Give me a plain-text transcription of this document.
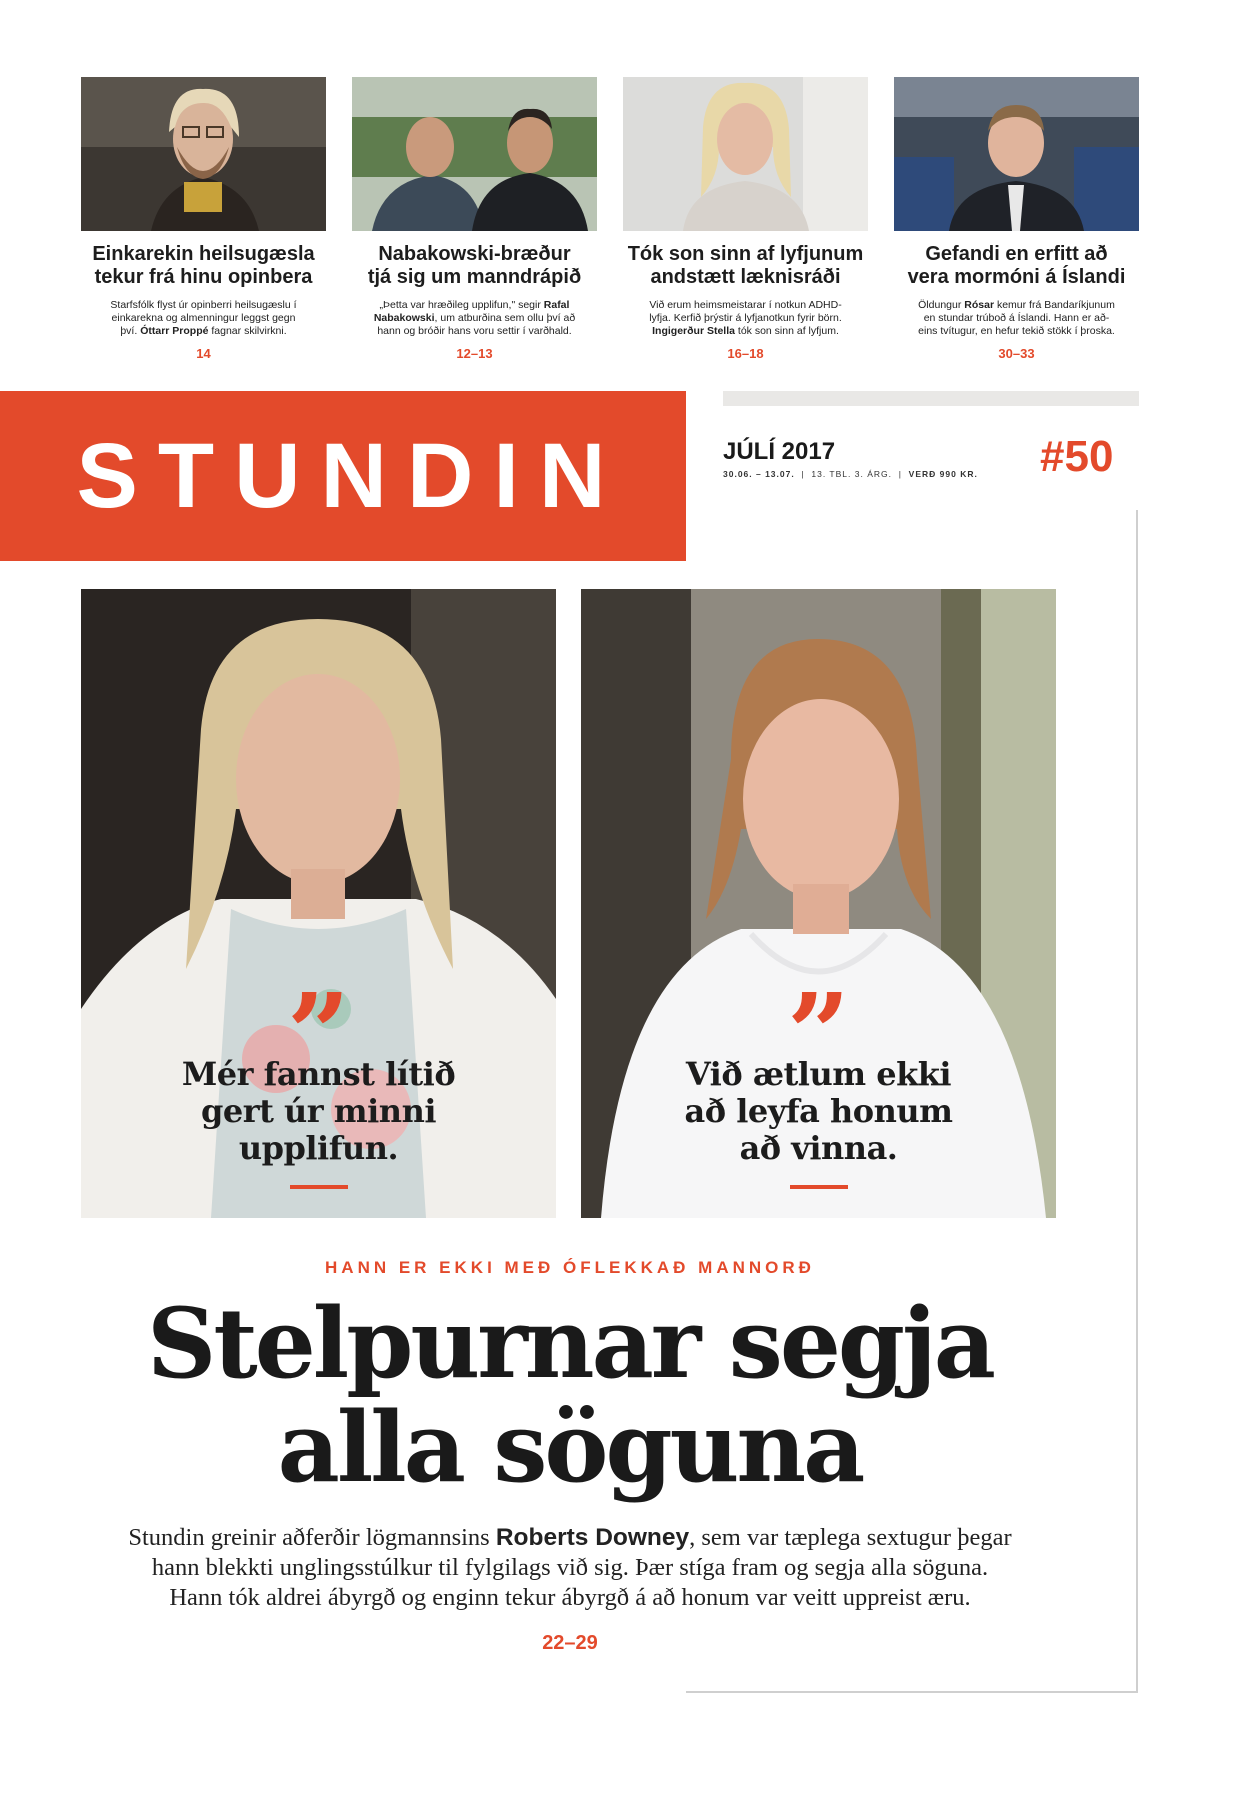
Einkarekin heilsugæsla
tekur frá hinu opinbera

Starfsfólk flyst úr opinberri heilsugæslu í
einkarekna og almenningur leggst gegn
því. Óttarr Proppé fagnar skilvirkni.

14
Nabakowski-bræður
tjá sig um manndrápið

„Þetta var hræðileg upplifun," segir Rafal
Nabakowski, um atburðina sem ollu því að
hann og bróðir hans voru settir í varðhald.

12–13
Tók son sinn af lyfjunum
andstætt læknisráði

Við erum heimsmeistarar í notkun ADHD-
lyfja. Kerfið þrýstir á lyfjanotkun fyrir börn.
Ingigerður Stella tók son sinn af lyfjum.

16–18
Gefandi en erfitt að
vera mormóni á Íslandi

Öldungur Rósar kemur frá Bandaríkjunum
en stundar trúboð á Íslandi. Hann er að-
eins tvítugur, en hefur tekið stökk í þroska.

30–33
STUNDIN	JÚLÍ 2017
30.06. – 13.07. | 13. TBL. 3. ÁRG. | VERÐ 990 KR. #50
”
Mér fannst lítið
gert úr minni
upplifun.
”
Við ætlum ekki
að leyfa honum
að vinna.
HANN ER EKKI MEÐ ÓFLEKKAÐ MANNORÐ
Stelpurnar segja
alla söguna
Stundin greinir aðferðir lögmannsins Roberts Downey, sem var tæplega sextugur þegar
hann blekkti unglingsstúlkur til fylgilags við sig. Þær stíga fram og segja alla söguna.
Hann tók aldrei ábyrgð og enginn tekur ábyrgð á að honum var veitt uppreist æru.
22–29
